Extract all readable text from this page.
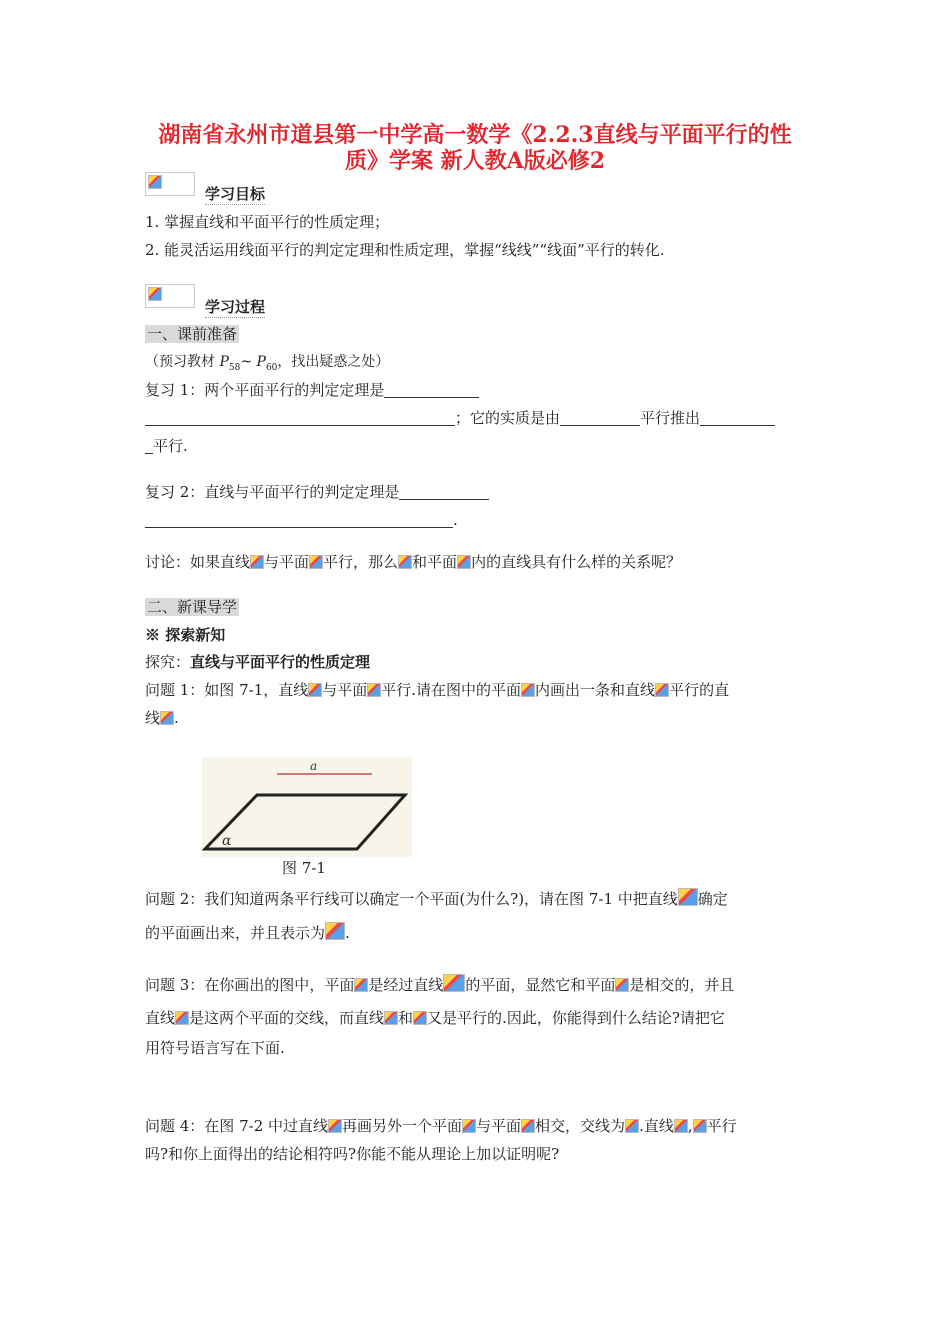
湖南省永州市道县第一中学高一数学《2.2.3直线与平面平行的性
质》学案 新人教A版必修2
学习目标
1. 掌握直线和平面平行的性质定理；
2. 能灵活运用线面平行的判定定理和性质定理，掌握“线线”“线面”平行的转化.
学习过程
一、课前准备
（预习教材 $P_{58}\sim$ $P_{60}$，找出疑惑之处）
复习 1：两个平面平行的判定定理是
；它的实质是由	平行推出
平行.
复习 2：直线与平面平行的判定定理是
.
讨论：如果直线 与平面 平行，那么 和平面 内的直线具有什么样的关系呢？
二、新课导学
※ 探索新知
探究：直线与平面平行的性质定理
问题 1：如图 7-1，直线 与平面 平行.请在图中的平面 内画出一条和直线 平行的直
线 .
a
α
图 7-1
问题 2：我们知道两条平行线可以确定一个平面(为什么?)，请在图 7-1 中把直线 确定
的平面画出来，并且表示为 .
问题 3：在你画出的图中，平面 是经过直线 的平面，显然它和平面 是相交的，并且
直线 是这两个平面的交线，而直线 和 又是平行的.因此，你能得到什么结论?请把它
用符号语言写在下面.
问题 4：在图 7-2 中过直线 再画另外一个平面 与平面 相交，交线为 .直线 , 平行
吗?和你上面得出的结论相符吗?你能不能从理论上加以证明呢?
